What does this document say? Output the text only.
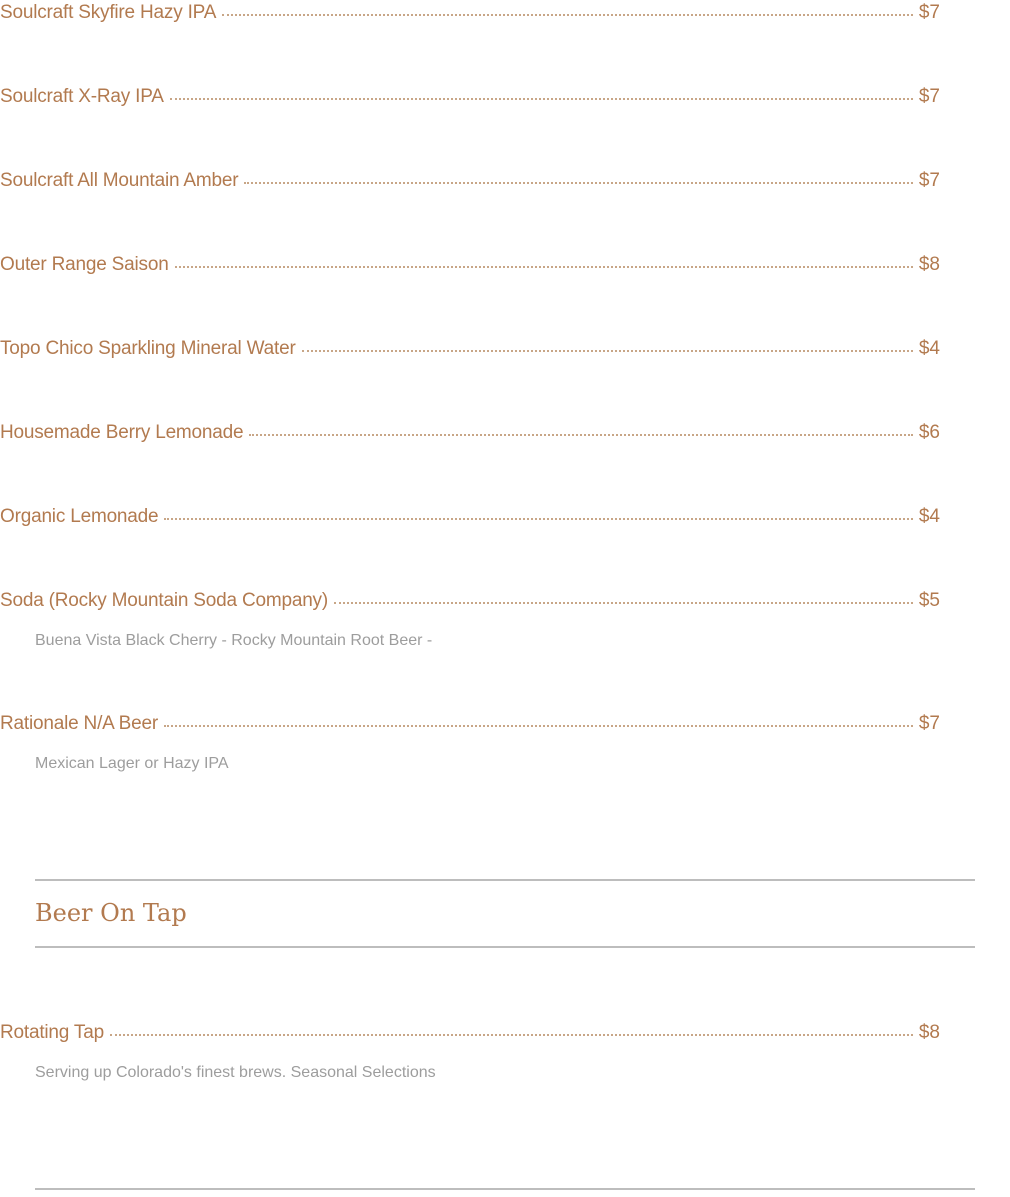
Soulcraft Skyfire Hazy IPA	$7
Soulcraft X-Ray IPA	$7
Soulcraft All Mountain Amber	$7
Outer Range Saison	$8
Topo Chico Sparkling Mineral Water	$4
Housemade Berry Lemonade	$6
Organic Lemonade	$4
Soda (Rocky Mountain Soda Company)	$5
Buena Vista Black Cherry - Rocky Mountain Root Beer -
Rationale N/A Beer	$7
Mexican Lager or Hazy IPA
Beer On Tap
Rotating Tap	$8
Serving up Colorado's finest brews. Seasonal Selections
